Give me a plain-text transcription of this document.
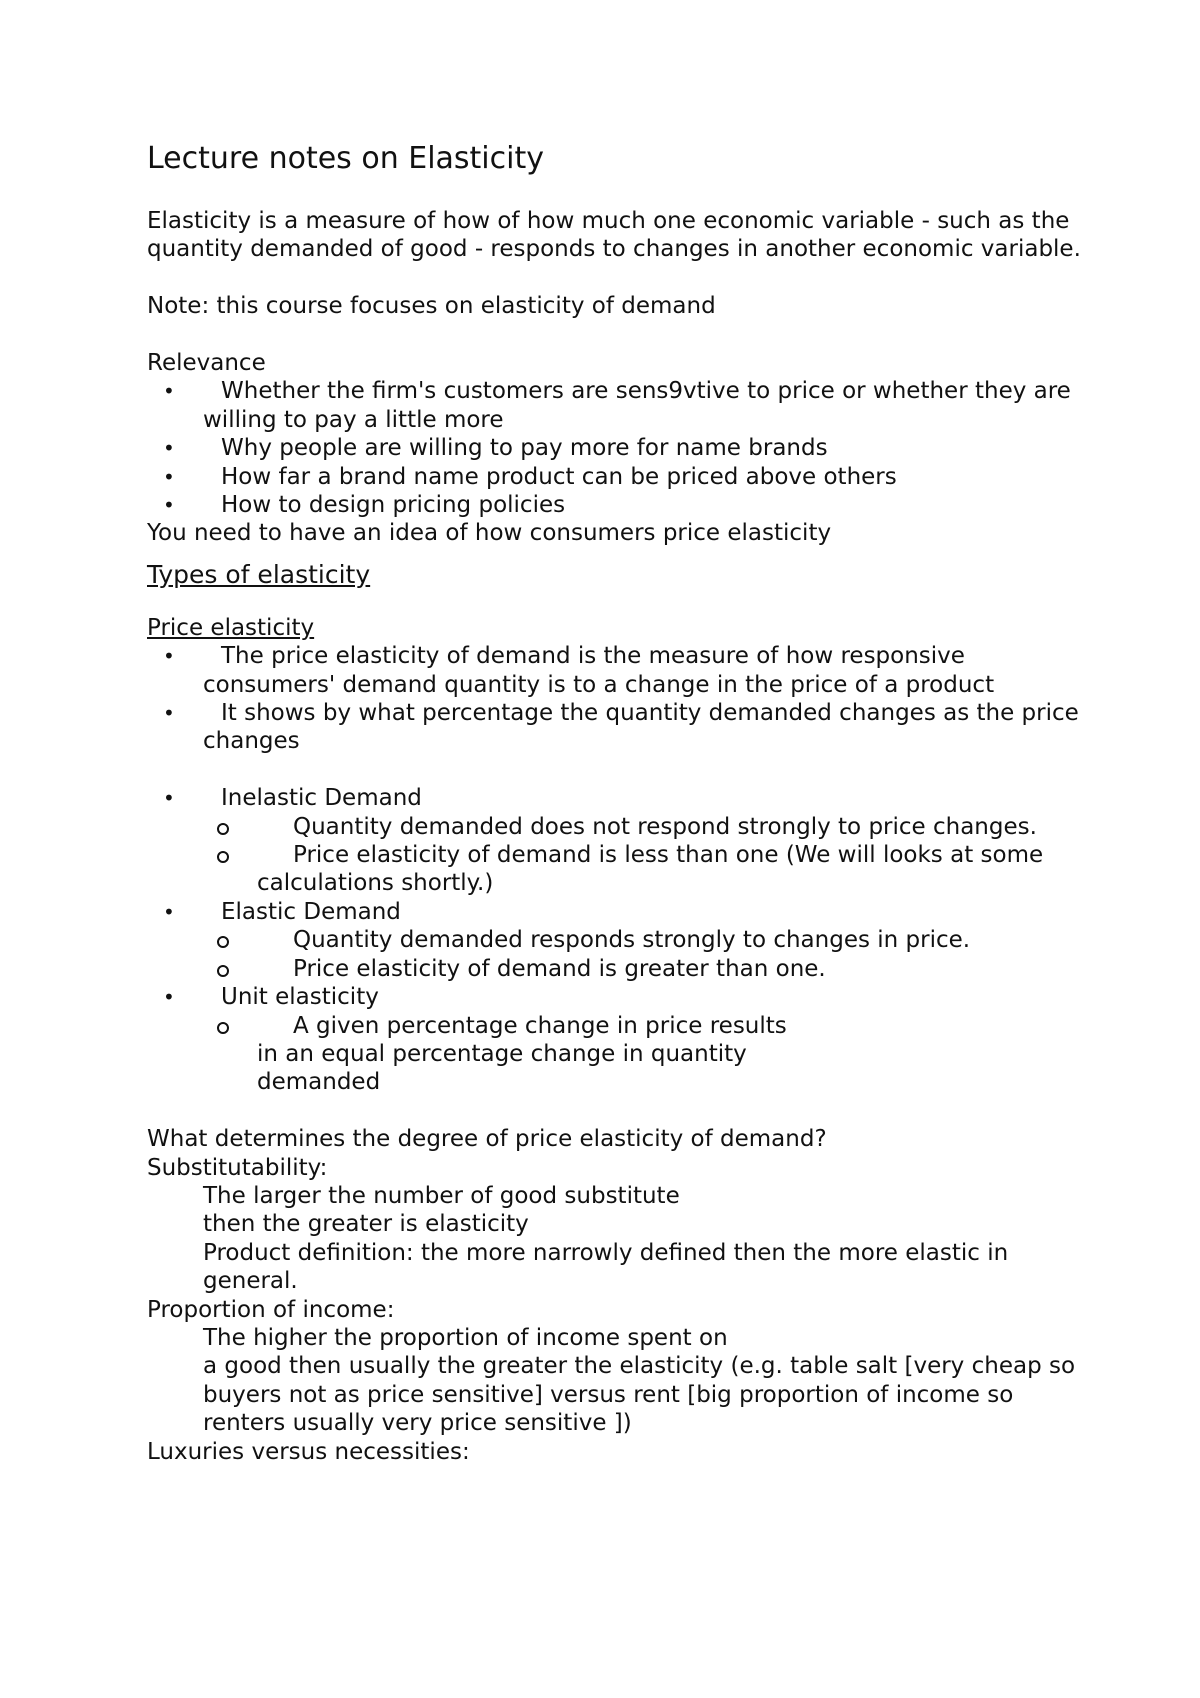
Lecture notes on Elasticity

Elasticity is a measure of how of how much one economic variable - such as the quantity demanded of good - responds to changes in another economic variable.

Note: this course focuses on elasticity of demand

Relevance

•	Whether the firm's customers are sens9vtive to price or whether they are willing to pay a little more
•	Why people are willing to pay more for name brands
•	How far a brand name product can be priced above others
•	How to design pricing policies

You need to have an idea of how consumers price elasticity

Types of elasticity

Price elasticity

•	The price elasticity of demand is the measure of how responsive consumers' demand quantity is to a change in the price of a product
•	It shows by what percentage the quantity demanded changes as the price changes
•	Inelastic Demand
Quantity demanded does not respond strongly to price changes.
Price elasticity of demand is less than one (We will looks at some calculations shortly.)
•	Elastic Demand
Quantity demanded responds strongly to changes in price.
Price elasticity of demand is greater than one.
•	Unit elasticity
A given percentage change in price results
in an equal percentage change in quantity
demanded

What determines the degree of price elasticity of demand?

Substitutability:

The larger the number of good substitute

then the greater is elasticity

Product definition: the more narrowly defined then the more elastic in general.

Proportion of income:

The higher the proportion of income spent on

a good then usually the greater the elasticity (e.g. table salt [very cheap so buyers not as price sensitive] versus rent [big proportion of income so renters usually very price sensitive ])

Luxuries versus necessities:
